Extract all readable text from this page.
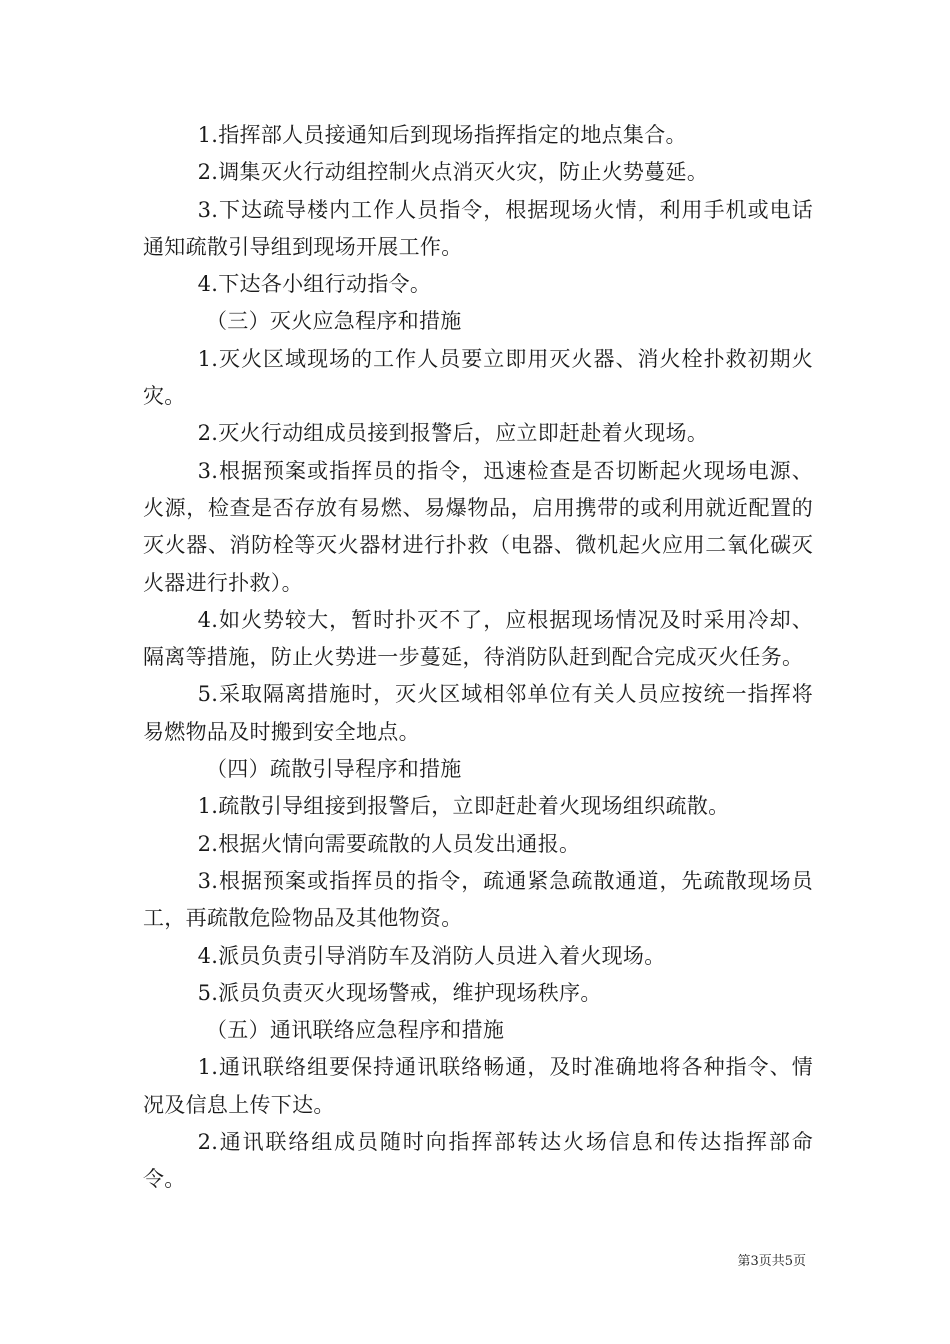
1.指挥部人员接通知后到现场指挥指定的地点集合。

2.调集灭火行动组控制火点消灭火灾，防止火势蔓延。

3.下达疏导楼内工作人员指令，根据现场火情，利用手机或电话通知疏散引导组到现场开展工作。

4.下达各小组行动指令。

（三）灭火应急程序和措施

1.灭火区域现场的工作人员要立即用灭火器、消火栓扑救初期火灾。

2.灭火行动组成员接到报警后，应立即赶赴着火现场。

3.根据预案或指挥员的指令，迅速检查是否切断起火现场电源、火源，检查是否存放有易燃、易爆物品，启用携带的或利用就近配置的灭火器、消防栓等灭火器材进行扑救（电器、微机起火应用二氧化碳灭火器进行扑救）。

4.如火势较大，暂时扑灭不了，应根据现场情况及时采用冷却、隔离等措施，防止火势进一步蔓延，待消防队赶到配合完成灭火任务。

5.采取隔离措施时，灭火区域相邻单位有关人员应按统一指挥将易燃物品及时搬到安全地点。

（四）疏散引导程序和措施

1.疏散引导组接到报警后，立即赶赴着火现场组织疏散。

2.根据火情向需要疏散的人员发出通报。

3.根据预案或指挥员的指令，疏通紧急疏散通道，先疏散现场员工，再疏散危险物品及其他物资。

4.派员负责引导消防车及消防人员进入着火现场。

5.派员负责灭火现场警戒，维护现场秩序。

（五）通讯联络应急程序和措施

1.通讯联络组要保持通讯联络畅通，及时准确地将各种指令、情况及信息上传下达。

2.通讯联络组成员随时向指挥部转达火场信息和传达指挥部命令。

第3页共5页
